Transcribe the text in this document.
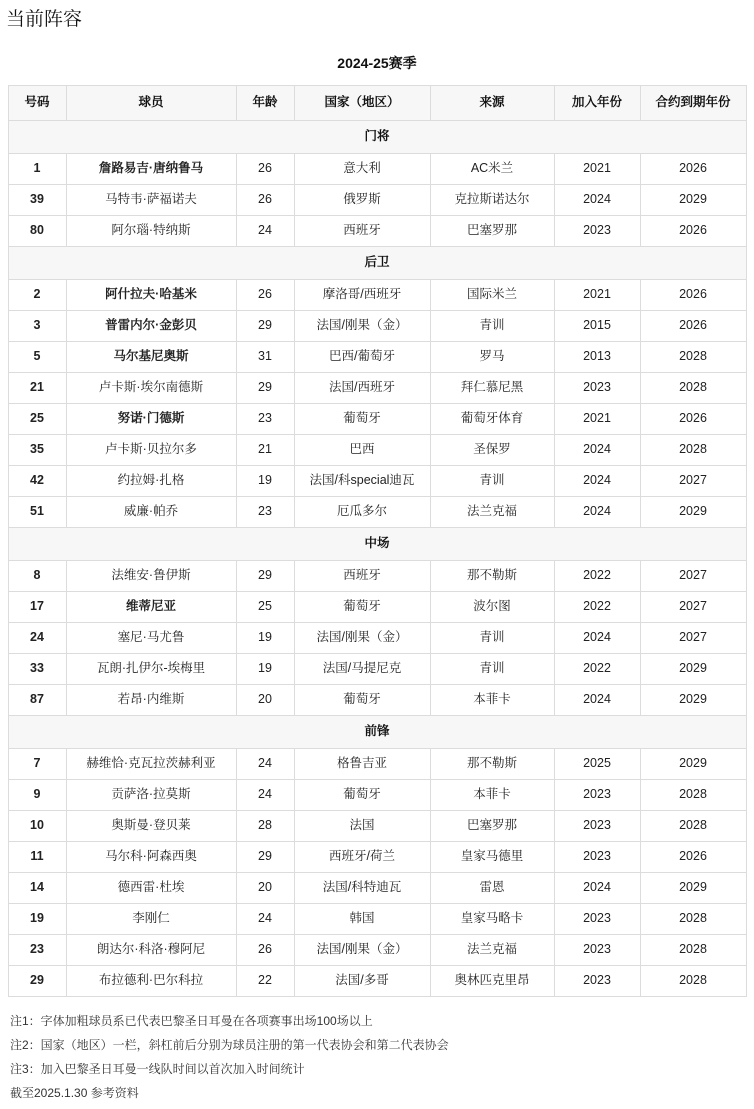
当前阵容
2024-25赛季
号码	球员	年龄	国家（地区）	来源	加入年份	合约到期年份
门将						
1	詹路易吉·唐纳鲁马	26	意大利	AC米兰	2021	2026
39	马特韦·萨福诺夫	26	俄罗斯	克拉斯诺达尔	2024	2029
80	阿尔瑙·特纳斯	24	西班牙	巴塞罗那	2023	2026
后卫						
2	阿什拉夫·哈基米	26	摩洛哥/西班牙	国际米兰	2021	2026
3	普雷内尔·金彭贝	29	法国/刚果（金）	青训	2015	2026
5	马尔基尼奥斯	31	巴西/葡萄牙	罗马	2013	2028
21	卢卡斯·埃尔南德斯	29	法国/西班牙	拜仁慕尼黑	2023	2028
25	努诺·门德斯	23	葡萄牙	葡萄牙体育	2021	2026
35	卢卡斯·贝拉尔多	21	巴西	圣保罗	2024	2028
42	约拉姆·扎格	19	法国/科special迪瓦	青训	2024	2027
51	威廉·帕乔	23	厄瓜多尔	法兰克福	2024	2029
中场						
8	法维安·鲁伊斯	29	西班牙	那不勒斯	2022	2027
17	维蒂尼亚	25	葡萄牙	波尔图	2022	2027
24	塞尼·马尤鲁	19	法国/刚果（金）	青训	2024	2027
33	瓦朗·扎伊尔-埃梅里	19	法国/马提尼克	青训	2022	2029
87	若昂·内维斯	20	葡萄牙	本菲卡	2024	2029
前锋						
7	赫维恰·克瓦拉茨赫利亚	24	格鲁吉亚	那不勒斯	2025	2029
9	贡萨洛·拉莫斯	24	葡萄牙	本菲卡	2023	2028
10	奥斯曼·登贝莱	28	法国	巴塞罗那	2023	2028
11	马尔科·阿森西奥	29	西班牙/荷兰	皇家马德里	2023	2026
14	德西雷·杜埃	20	法国/科特迪瓦	雷恩	2024	2029
19	李刚仁	24	韩国	皇家马略卡	2023	2028
23	朗达尔·科洛·穆阿尼	26	法国/刚果（金）	法兰克福	2023	2028
29	布拉德利·巴尔科拉	22	法国/多哥	奥林匹克里昂	2023	2028
注1：字体加粗球员系已代表巴黎圣日耳曼在各项赛事出场100场以上
注2：国家（地区）一栏，斜杠前后分别为球员注册的第一代表协会和第二代表协会
注3：加入巴黎圣日耳曼一线队时间以首次加入时间统计
截至2025.1.30 参考资料
